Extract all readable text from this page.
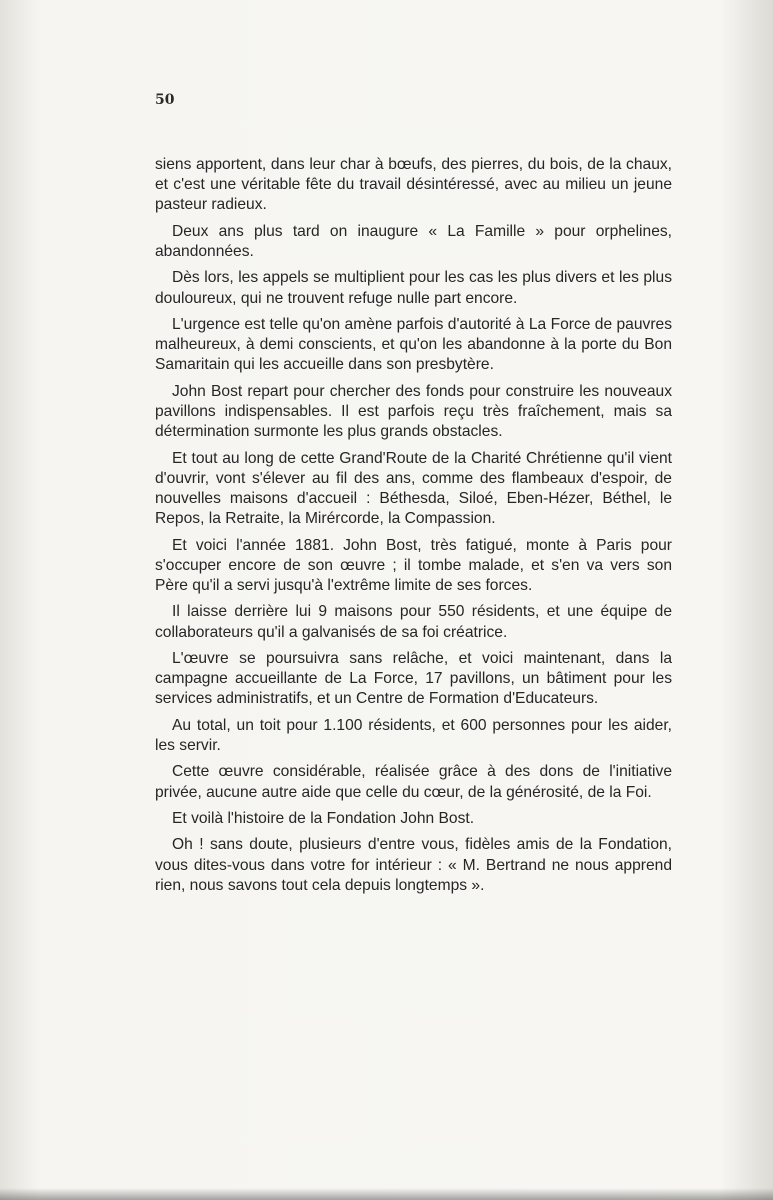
50

siens apportent, dans leur char à bœufs, des pierres, du bois, de la chaux, et c'est une véritable fête du travail désintéressé, avec au milieu un jeune pasteur radieux.

Deux ans plus tard on inaugure « La Famille » pour orphelines, abandonnées.

Dès lors, les appels se multiplient pour les cas les plus divers et les plus douloureux, qui ne trouvent refuge nulle part encore.

L'urgence est telle qu'on amène parfois d'autorité à La Force de pauvres malheureux, à demi conscients, et qu'on les abandonne à la porte du Bon Samaritain qui les accueille dans son presbytère.

John Bost repart pour chercher des fonds pour construire les nouveaux pavillons indispensables. Il est parfois reçu très fraîchement, mais sa détermination surmonte les plus grands obstacles.

Et tout au long de cette Grand'Route de la Charité Chrétienne qu'il vient d'ouvrir, vont s'élever au fil des ans, comme des flambeaux d'espoir, de nouvelles maisons d'accueil : Béthesda, Siloé, Eben-Hézer, Béthel, le Repos, la Retraite, la Mirércorde, la Compassion.

Et voici l'année 1881. John Bost, très fatigué, monte à Paris pour s'occuper encore de son œuvre ; il tombe malade, et s'en va vers son Père qu'il a servi jusqu'à l'extrême limite de ses forces.

Il laisse derrière lui 9 maisons pour 550 résidents, et une équipe de collaborateurs qu'il a galvanisés de sa foi créatrice.

L'œuvre se poursuivra sans relâche, et voici maintenant, dans la campagne accueillante de La Force, 17 pavillons, un bâtiment pour les services administratifs, et un Centre de Formation d'Educateurs.

Au total, un toit pour 1.100 résidents, et 600 personnes pour les aider, les servir.

Cette œuvre considérable, réalisée grâce à des dons de l'initiative privée, aucune autre aide que celle du cœur, de la générosité, de la Foi.

Et voilà l'histoire de la Fondation John Bost.

Oh ! sans doute, plusieurs d'entre vous, fidèles amis de la Fondation, vous dites-vous dans votre for intérieur : « M. Bertrand ne nous apprend rien, nous savons tout cela depuis longtemps ».
